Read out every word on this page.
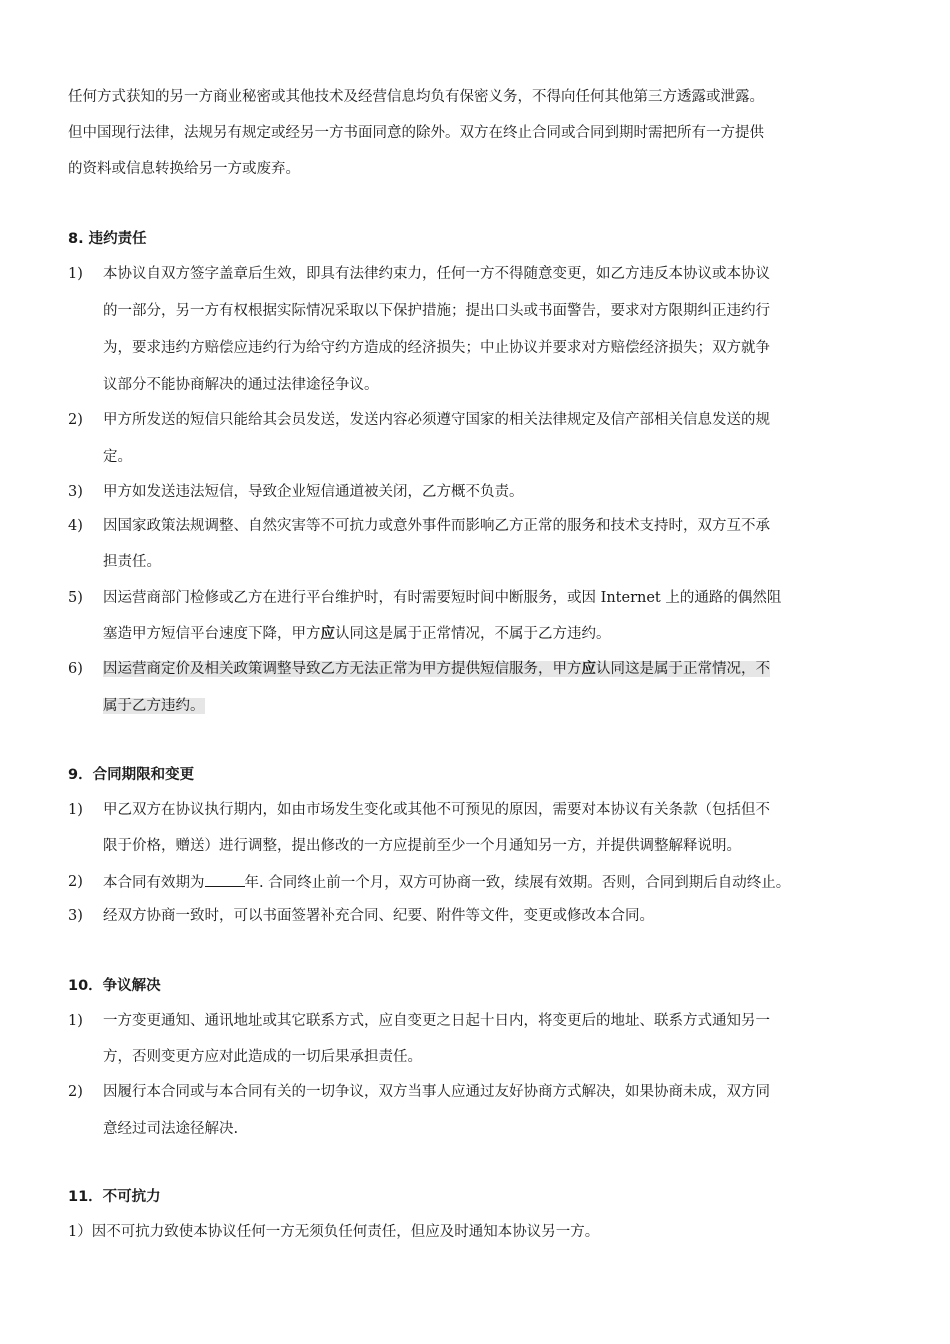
任何方式获知的另一方商业秘密或其他技术及经营信息均负有保密义务，不得向任何其他第三方透露或泄露。
但中国现行法律，法规另有规定或经另一方书面同意的除外。双方在终止合同或合同到期时需把所有一方提供
的资料或信息转换给另一方或废弃。
8. 违约责任
1) 本协议自双方签字盖章后生效，即具有法律约束力，任何一方不得随意变更，如乙方违反本协议或本协议
的一部分，另一方有权根据实际情况采取以下保护措施；提出口头或书面警告，要求对方限期纠正违约行
为，要求违约方赔偿应违约行为给守约方造成的经济损失；中止协议并要求对方赔偿经济损失；双方就争
议部分不能协商解决的通过法律途径争议。
2) 甲方所发送的短信只能给其会员发送，发送内容必须遵守国家的相关法律规定及信产部相关信息发送的规
定。
3) 甲方如发送违法短信，导致企业短信通道被关闭，乙方概不负责。
4) 因国家政策法规调整、自然灾害等不可抗力或意外事件而影响乙方正常的服务和技术支持时，双方互不承
担责任。
5) 因运营商部门检修或乙方在进行平台维护时，有时需要短时间中断服务，或因 Internet 上的通路的偶然阻
塞造甲方短信平台速度下降，甲方应认同这是属于正常情况，不属于乙方违约。
6) 因运营商定价及相关政策调整导致乙方无法正常为甲方提供短信服务，甲方应认同这是属于正常情况，不
属于乙方违约。
9．合同期限和变更
1) 甲乙双方在协议执行期内，如由市场发生变化或其他不可预见的原因，需要对本协议有关条款（包括但不
限于价格，赠送）进行调整，提出修改的一方应提前至少一个月通知另一方，并提供调整解释说明。
2) 本合同有效期为	年. 合同终止前一个月，双方可协商一致，续展有效期。否则，合同到期后自动终止。
3) 经双方协商一致时，可以书面签署补充合同、纪要、附件等文件，变更或修改本合同。
10．争议解决
1) 一方变更通知、通讯地址或其它联系方式，应自变更之日起十日内，将变更后的地址、联系方式通知另一
方，否则变更方应对此造成的一切后果承担责任。
2) 因履行本合同或与本合同有关的一切争议，双方当事人应通过友好协商方式解决，如果协商未成，双方同
意经过司法途径解决.
11．不可抗力
1）因不可抗力致使本协议任何一方无须负任何责任，但应及时通知本协议另一方。
